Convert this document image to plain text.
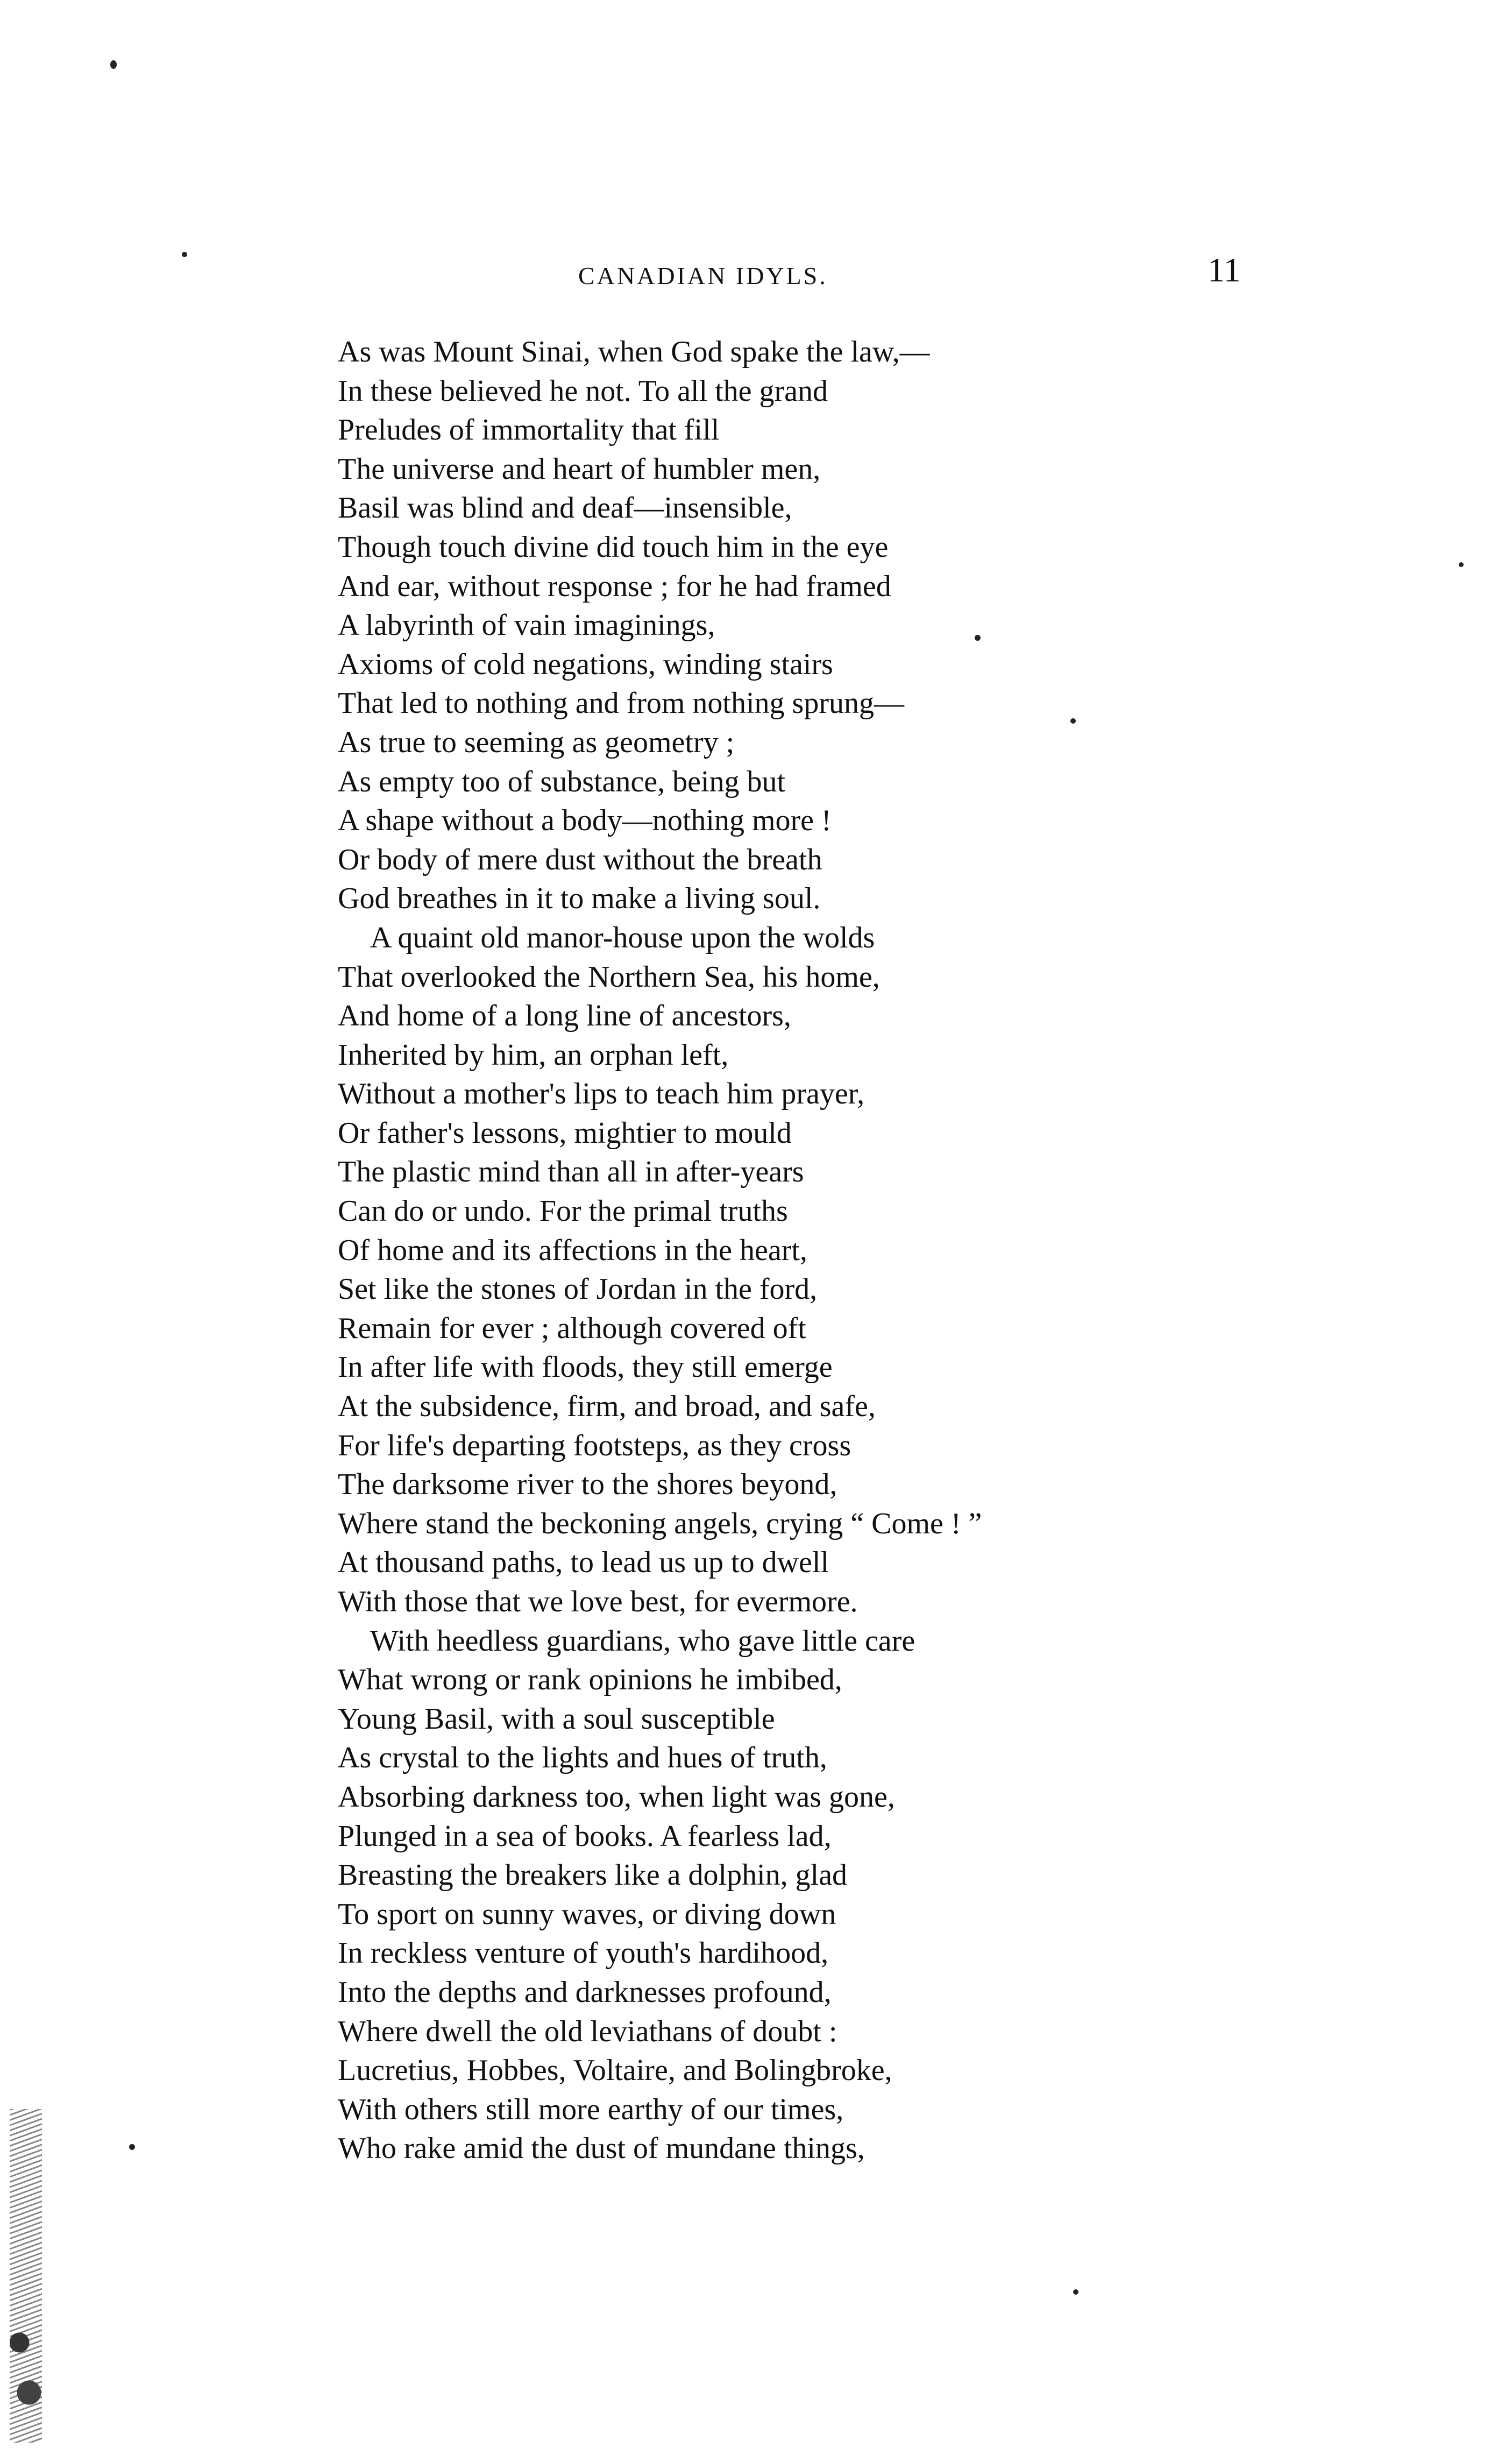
CANADIAN IDYLS.	11
As was Mount Sinai, when God spake the law,—
In these believed he not. To all the grand
Preludes of immortality that fill
The universe and heart of humbler men,
Basil was blind and deaf—insensible,
Though touch divine did touch him in the eye
And ear, without response ; for he had framed
A labyrinth of vain imaginings,
Axioms of cold negations, winding stairs
That led to nothing and from nothing sprung—
As true to seeming as geometry ;
As empty too of substance, being but
A shape without a body—nothing more !
Or body of mere dust without the breath
God breathes in it to make a living soul.
A quaint old manor-house upon the wolds
That overlooked the Northern Sea, his home,
And home of a long line of ancestors,
Inherited by him, an orphan left,
Without a mother's lips to teach him prayer,
Or father's lessons, mightier to mould
The plastic mind than all in after-years
Can do or undo. For the primal truths
Of home and its affections in the heart,
Set like the stones of Jordan in the ford,
Remain for ever ; although covered oft
In after life with floods, they still emerge
At the subsidence, firm, and broad, and safe,
For life's departing footsteps, as they cross
The darksome river to the shores beyond,
Where stand the beckoning angels, crying “ Come ! ”
At thousand paths, to lead us up to dwell
With those that we love best, for evermore.
With heedless guardians, who gave little care
What wrong or rank opinions he imbibed,
Young Basil, with a soul susceptible
As crystal to the lights and hues of truth,
Absorbing darkness too, when light was gone,
Plunged in a sea of books. A fearless lad,
Breasting the breakers like a dolphin, glad
To sport on sunny waves, or diving down
In reckless venture of youth's hardihood,
Into the depths and darknesses profound,
Where dwell the old leviathans of doubt :
Lucretius, Hobbes, Voltaire, and Bolingbroke,
With others still more earthy of our times,
Who rake amid the dust of mundane things,
